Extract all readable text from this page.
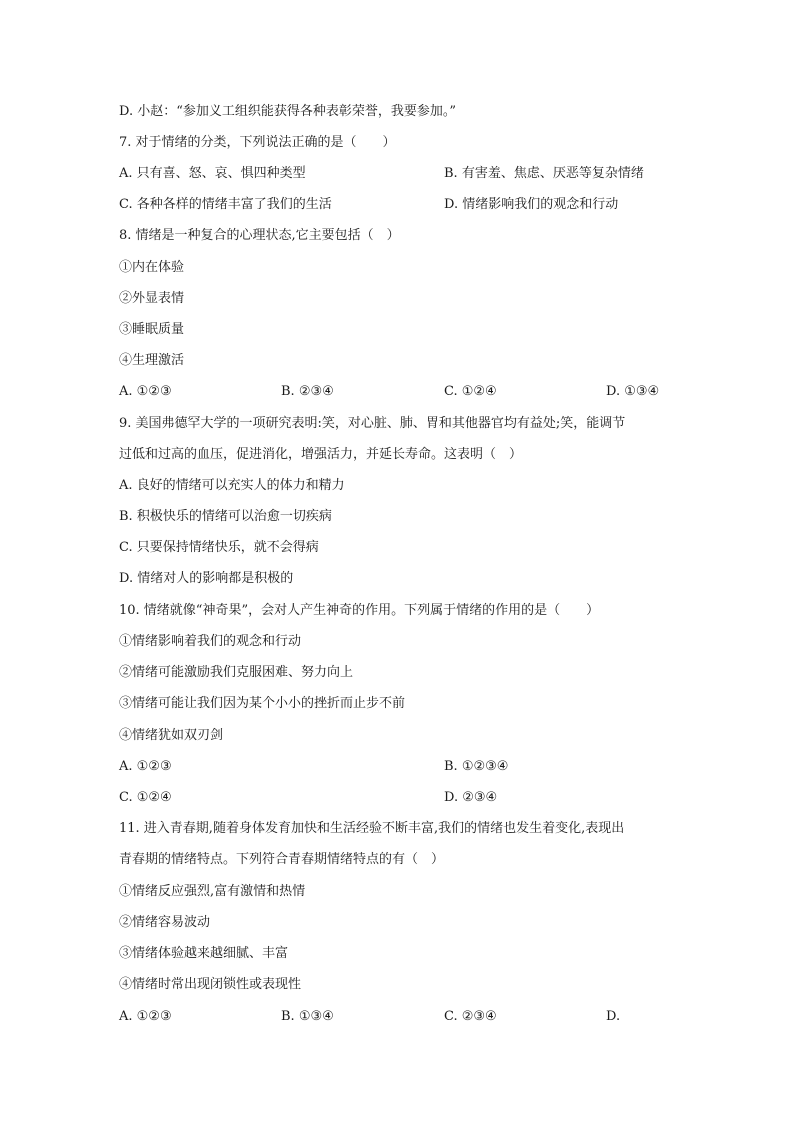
D. 小赵：“参加义工组织能获得各种表彰荣誉，我要参加。”
7. 对于情绪的分类，下列说法正确的是（　　）
A. 只有喜、怒、哀、惧四种类型	B. 有害羞、焦虑、厌恶等复杂情绪
C. 各种各样的情绪丰富了我们的生活	D. 情绪影响我们的观念和行动
8. 情绪是一种复合的心理状态,它主要包括（　）
①内在体验
②外显表情
③睡眠质量
④生理激活
A. ①②③	B. ②③④	C. ①②④	D. ①③④
9. 美国弗德罕大学的一项研究表明:笑，对心脏、肺、胃和其他器官均有益处;笑，能调节
过低和过高的血压，促进消化，增强活力，并延长寿命。这表明（　）
A. 良好的情绪可以充实人的体力和精力
B. 积极快乐的情绪可以治愈一切疾病
C. 只要保持情绪快乐，就不会得病
D. 情绪对人的影响都是积极的
10. 情绪就像“神奇果”，会对人产生神奇的作用。下列属于情绪的作用的是（　　）
①情绪影响着我们的观念和行动
②情绪可能激励我们克服困难、努力向上
③情绪可能让我们因为某个小小的挫折而止步不前
④情绪犹如双刃剑
A. ①②③	B. ①②③④
C. ①②④	D. ②③④
11. 进入青春期,随着身体发育加快和生活经验不断丰富,我们的情绪也发生着变化,表现出
青春期的情绪特点。下列符合青春期情绪特点的有（　）
①情绪反应强烈,富有激情和热情
②情绪容易波动
③情绪体验越来越细腻、丰富
④情绪时常出现闭锁性或表现性
A. ①②③	B. ①③④	C. ②③④	D.
